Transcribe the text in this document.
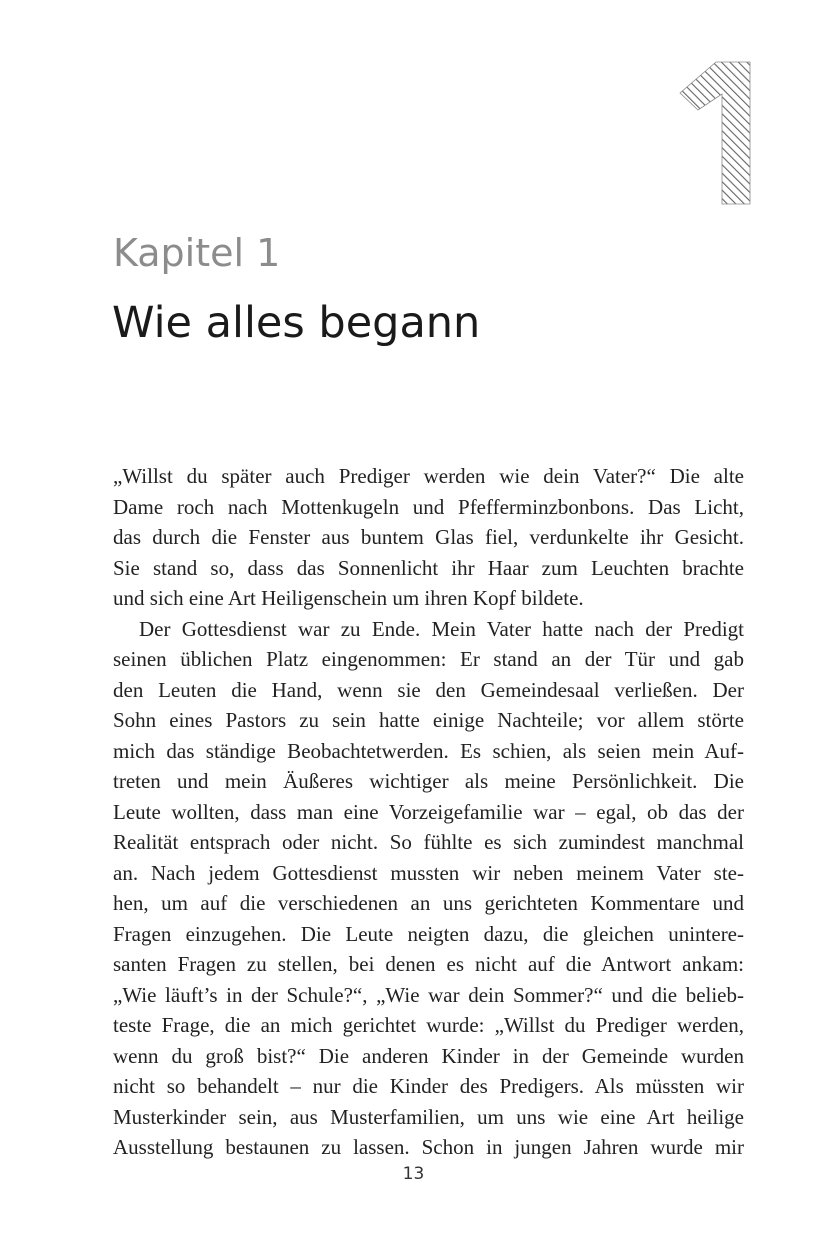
Kapitel 1
Wie alles begann

„Willst du später auch Prediger werden wie dein Vater?“ Die alte
Dame roch nach Mottenkugeln und Pfefferminzbonbons. Das Licht,
das durch die Fenster aus buntem Glas fiel, verdunkelte ihr Gesicht.
Sie stand so, dass das Sonnenlicht ihr Haar zum Leuchten brachte
und sich eine Art Heiligenschein um ihren Kopf bildete.

Der Gottesdienst war zu Ende. Mein Vater hatte nach der Predigt
seinen üblichen Platz eingenommen: Er stand an der Tür und gab
den Leuten die Hand, wenn sie den Gemeindesaal verließen. Der
Sohn eines Pastors zu sein hatte einige Nachteile; vor allem störte
mich das ständige Beobachtetwerden. Es schien, als seien mein Auf-
treten und mein Äußeres wichtiger als meine Persönlichkeit. Die
Leute wollten, dass man eine Vorzeigefamilie war – egal, ob das der
Realität entsprach oder nicht. So fühlte es sich zumindest manchmal
an. Nach jedem Gottesdienst mussten wir neben meinem Vater ste-
hen, um auf die verschiedenen an uns gerichteten Kommentare und
Fragen einzugehen. Die Leute neigten dazu, die gleichen unintere-
santen Fragen zu stellen, bei denen es nicht auf die Antwort ankam:
„Wie läuft’s in der Schule?“, „Wie war dein Sommer?“ und die belieb-
teste Frage, die an mich gerichtet wurde: „Willst du Prediger werden,
wenn du groß bist?“ Die anderen Kinder in der Gemeinde wurden
nicht so behandelt – nur die Kinder des Predigers. Als müssten wir
Musterkinder sein, aus Musterfamilien, um uns wie eine Art heilige
Ausstellung bestaunen zu lassen. Schon in jungen Jahren wurde mir

13
